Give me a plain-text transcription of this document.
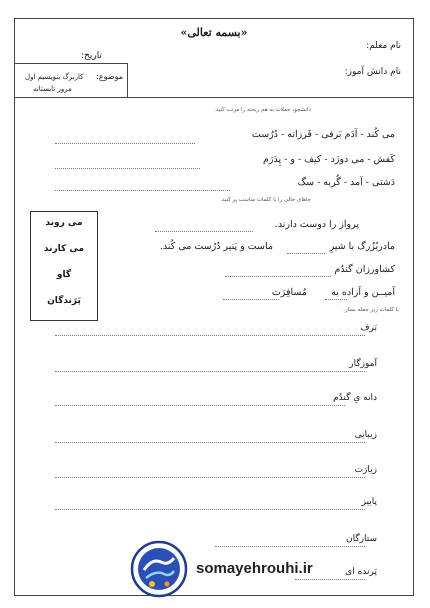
«بسمه تعالی»
نام معلم:
تاریخ:
نام دانش آموز:
موضوع:
کاربرگ بنویسیم اول
مرور تابستانه
دانشجو، جملات به هم ریخته را مرتب کنید.
می کُند - آدَم بَرفی - فَرزانه - دُرُست
کَفش - می دوزَد - کیف - و - پِدَرَم
دَشتی - آمد - گُربه - سگ
جاهای خالی را با کلمات مناسب پر کنید.
می روند
می کارند
گاو
پَرَندگان
پرواز را دوست دارند.
مادربُزُرگ با شیرِ
ماست و پَنیر دُرُست می کُند.
کشاورزان گندُم
آمیــن و آزاده به
مُسافِرَت
با کلمات زیر جمله بساز.
بَرف
آموزگار
دانه یِ گندُم
زیبایی
زیارَت
پاییز
ستارگان
پَرنده ای
somayehrouhi.ir
